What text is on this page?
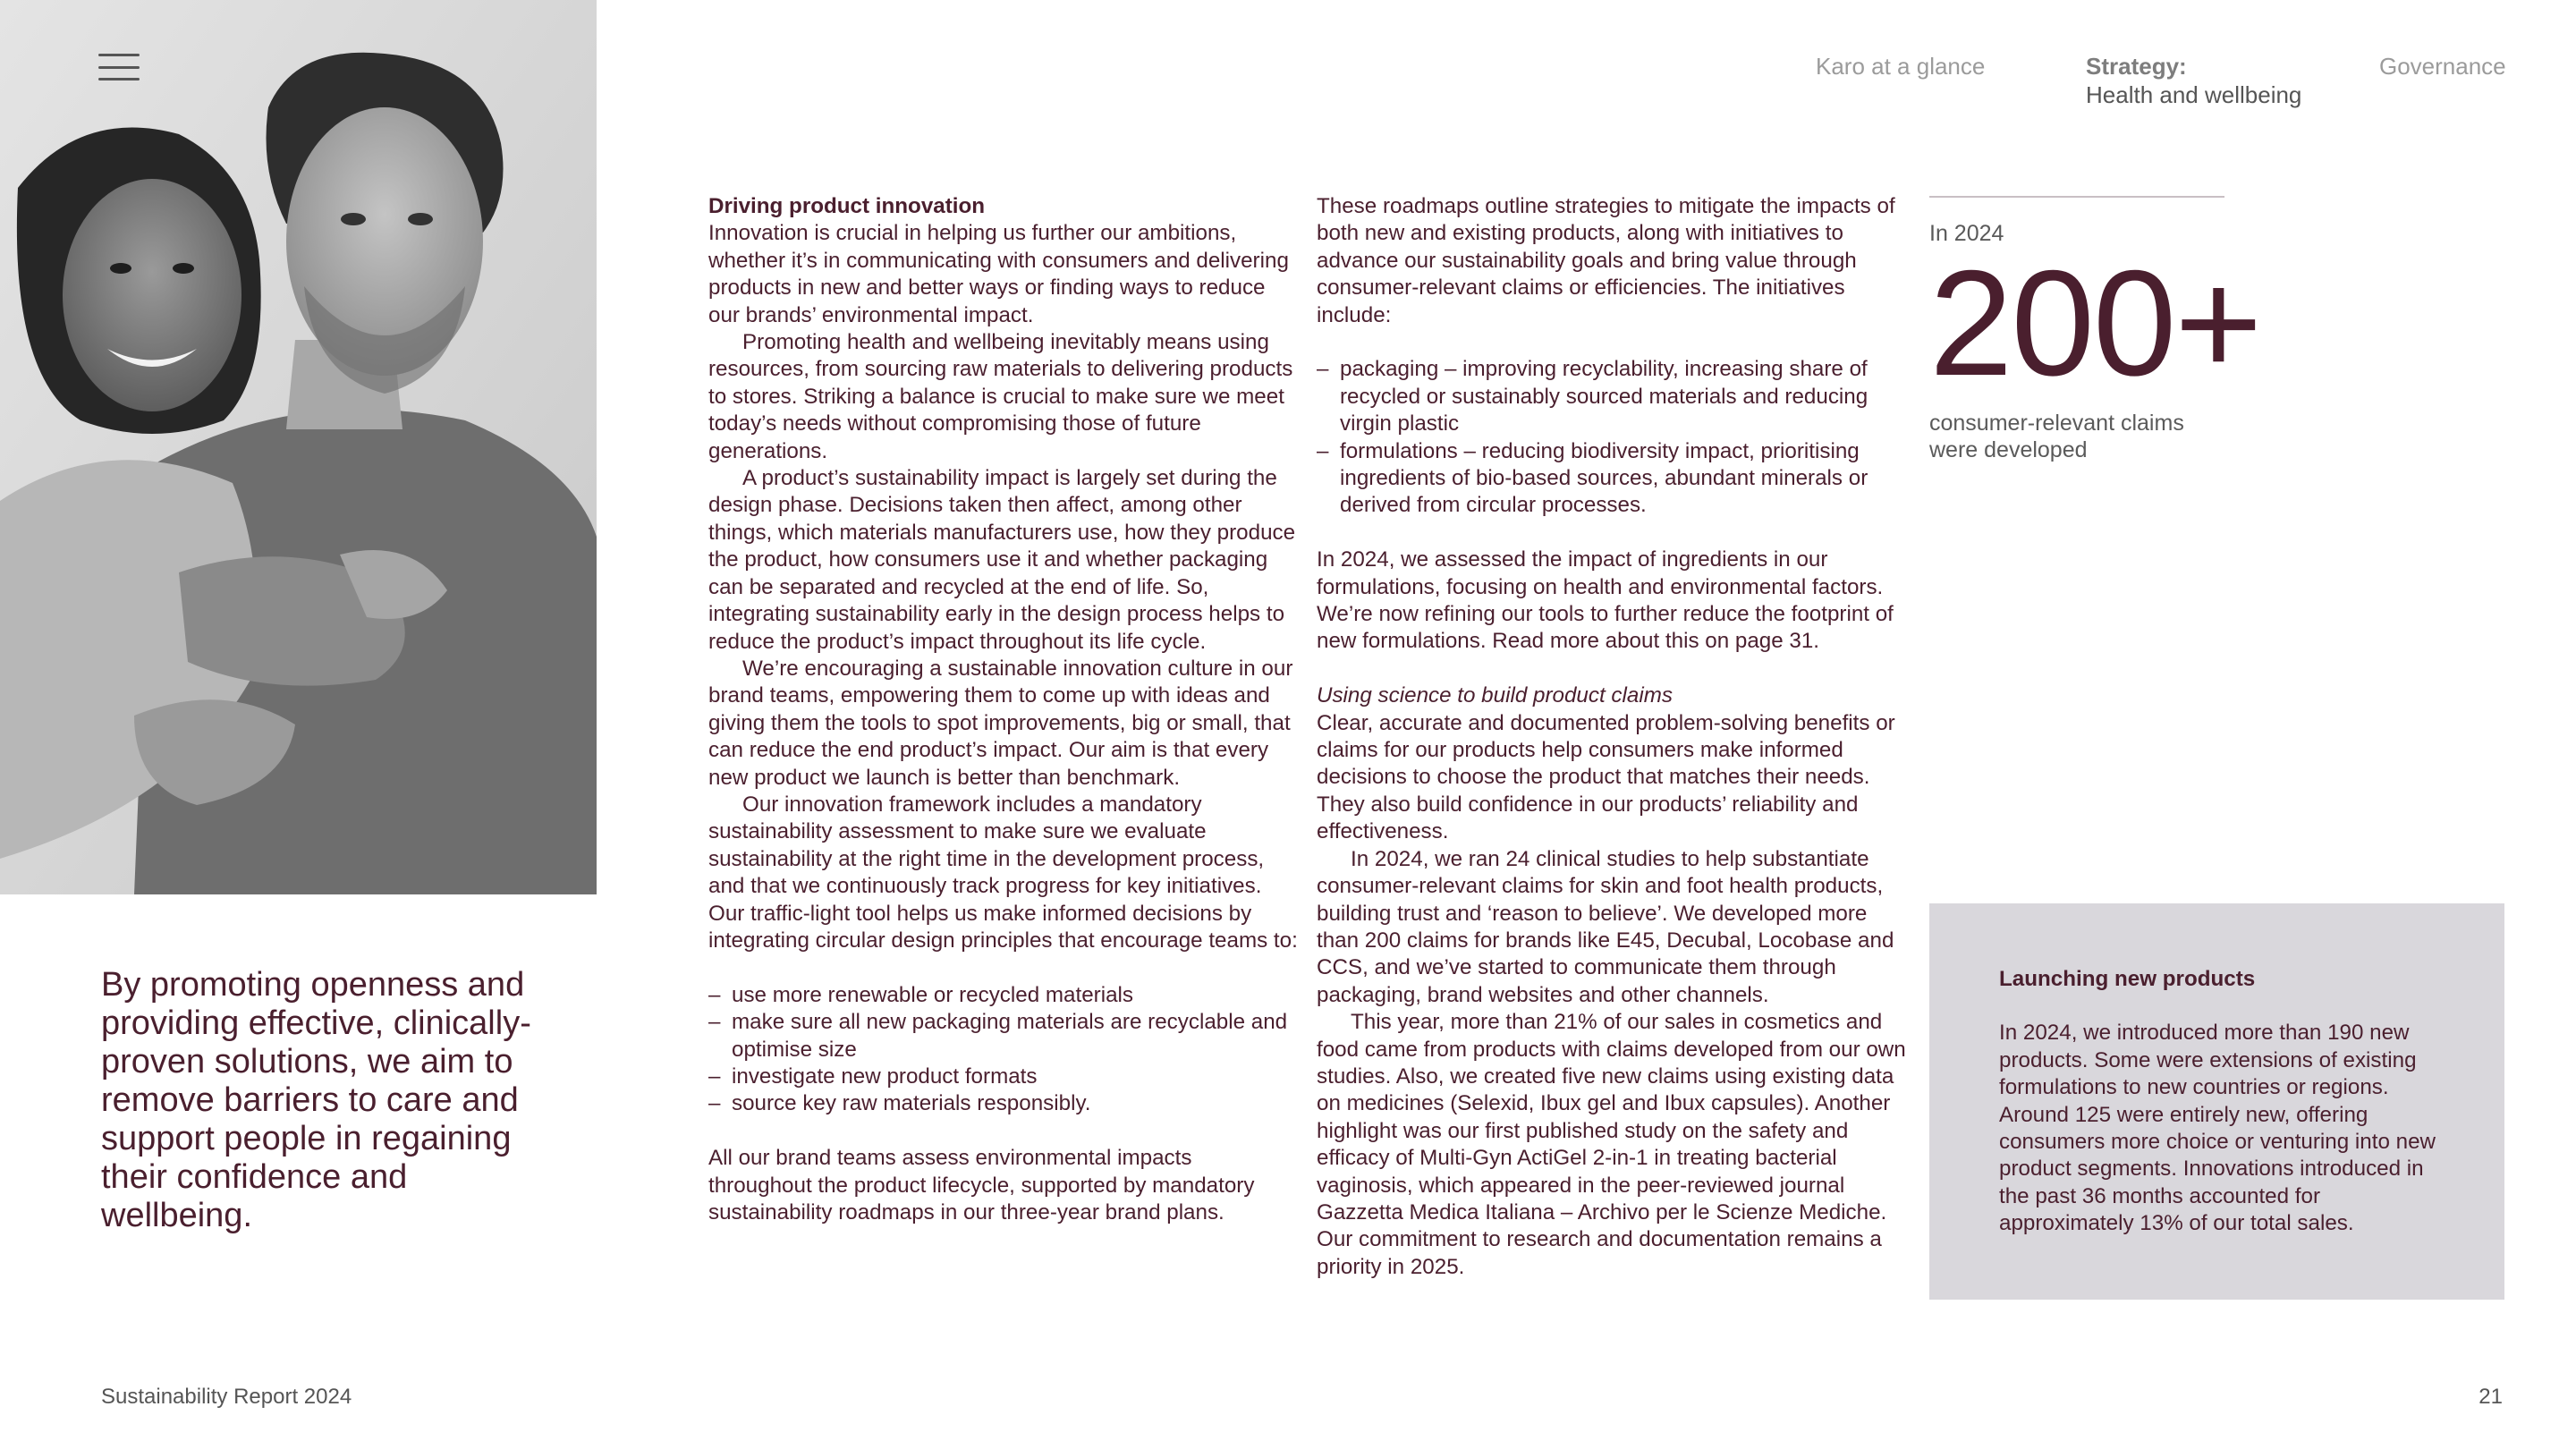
Karo at a glance	Strategy:
Health and wellbeing
Governance

By promoting openness and providing effective, clinically-proven solutions, we aim to remove barriers to care and support people in regaining their confidence and wellbeing.

Driving product innovation

Innovation is crucial in helping us further our ambitions, whether it’s in communicating with consumers and delivering products in new and better ways or finding ways to reduce our brands’ environmental impact.

Promoting health and wellbeing inevitably means using resources, from sourcing raw materials to delivering products to stores. Striking a balance is crucial to make sure we meet today’s needs without compromising those of future generations.

A product’s sustainability impact is largely set during the design phase. Decisions taken then affect, among other things, which materials manufacturers use, how they produce the product, how consumers use it and whether packaging can be separated and recycled at the end of life. So, integrating sustainability early in the design process helps to reduce the product’s impact throughout its life cycle.

We’re encouraging a sustainable innovation culture in our brand teams, empowering them to come up with ideas and giving them the tools to spot improvements, big or small, that can reduce the end product’s impact. Our aim is that every new product we launch is better than benchmark.

Our innovation framework includes a mandatory sustainability assessment to make sure we evaluate sustainability at the right time in the development process, and that we continuously track progress for key initiatives. Our traffic-light tool helps us make informed decisions by integrating circular design principles that encourage teams to:

– use more renewable or recycled materials
– make sure all new packaging materials are recyclable and optimise size
– investigate new product formats
– source key raw materials responsibly.

All our brand teams assess environmental impacts throughout the product lifecycle, supported by mandatory sustainability roadmaps in our three-year brand plans.

These roadmaps outline strategies to mitigate the impacts of both new and existing products, along with initiatives to advance our sustainability goals and bring value through consumer-relevant claims or efficiencies. The initiatives include:

– packaging – improving recyclability, increasing share of recycled or sustainably sourced materials and reducing virgin plastic
– formulations – reducing biodiversity impact, prioritising ingredients of bio-based sources, abundant minerals or derived from circular processes.

In 2024, we assessed the impact of ingredients in our formulations, focusing on health and environmental factors. We’re now refining our tools to further reduce the footprint of new formulations. Read more about this on page 31.

Using science to build product claims

Clear, accurate and documented problem-solving benefits or claims for our products help consumers make informed decisions to choose the product that matches their needs. They also build confidence in our products’ reliability and effectiveness.

In 2024, we ran 24 clinical studies to help substantiate consumer-relevant claims for skin and foot health products, building trust and ‘reason to believe’. We developed more than 200 claims for brands like E45, Decubal, Locobase and CCS, and we’ve started to communicate them through packaging, brand websites and other channels.

This year, more than 21% of our sales in cosmetics and food came from products with claims developed from our own studies. Also, we created five new claims using existing data on medicines (Selexid, Ibux gel and Ibux capsules). Another highlight was our first published study on the safety and efficacy of Multi-Gyn ActiGel 2-in-1 in treating bacterial vaginosis, which appeared in the peer-reviewed journal Gazzetta Medica Italiana – Archivo per le Scienze Mediche. Our commitment to research and documentation remains a priority in 2025.

In 2024
200+
consumer-relevant claims were developed
Launching new products

In 2024, we introduced more than 190 new products. Some were extensions of existing formulations to new countries or regions. Around 125 were entirely new, offering consumers more choice or venturing into new product segments. Innovations introduced in the past 36 months accounted for approximately 13% of our total sales.

Sustainability Report 2024	21
